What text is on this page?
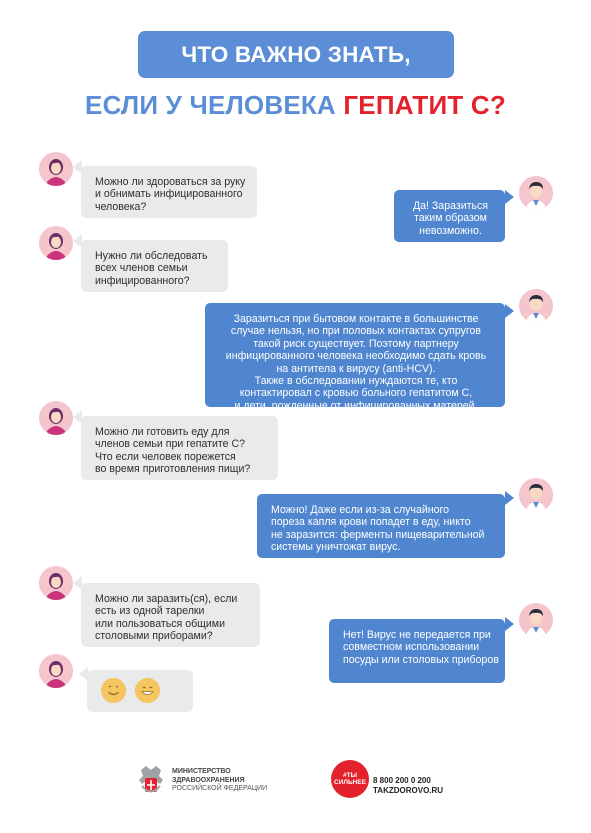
ЧТО ВАЖНО ЗНАТЬ,
ЕСЛИ У ЧЕЛОВЕКА ГЕПАТИТ С?
Можно ли здороваться за руку
и обнимать инфицированного
человека?	Да! Заразиться
таким образом
невозможно.
Нужно ли обследовать
всех членов семьи
инфицированного?
Заразиться при бытовом контакте в большинстве
случае нельзя, но при половых контактах супругов
такой риск существует. Поэтому партнеру
инфицированного человека необходимо сдать кровь
на антитела к вирусу (anti-HCV).
Также в обследовании нуждаются те, кто
контактировал с кровью больного гепатитом С,
и дети, рожденные от инфицированных матерей.
Можно ли готовить еду для
членов семьи при гепатите С?
Что если человек порежется
во время приготовления пищи?
Можно! Даже если из-за случайного
пореза капля крови попадет в еду, никто
не заразится: ферменты пищеварительной
системы уничтожат вирус.
Можно ли заразить(ся), если
есть из одной тарелки
или пользоваться общими
столовыми приборами?	Нет! Вирус не передается при
совместном использовании
посуды или столовых приборов
МИНИСТЕРСТВО
ЗДРАВООХРАНЕНИЯ
РОССИЙСКОЙ ФЕДЕРАЦИИ
#ТЫ
СИЛЬНЕЕ 8 800 200 0 200
TAKZDOROVO.RU
